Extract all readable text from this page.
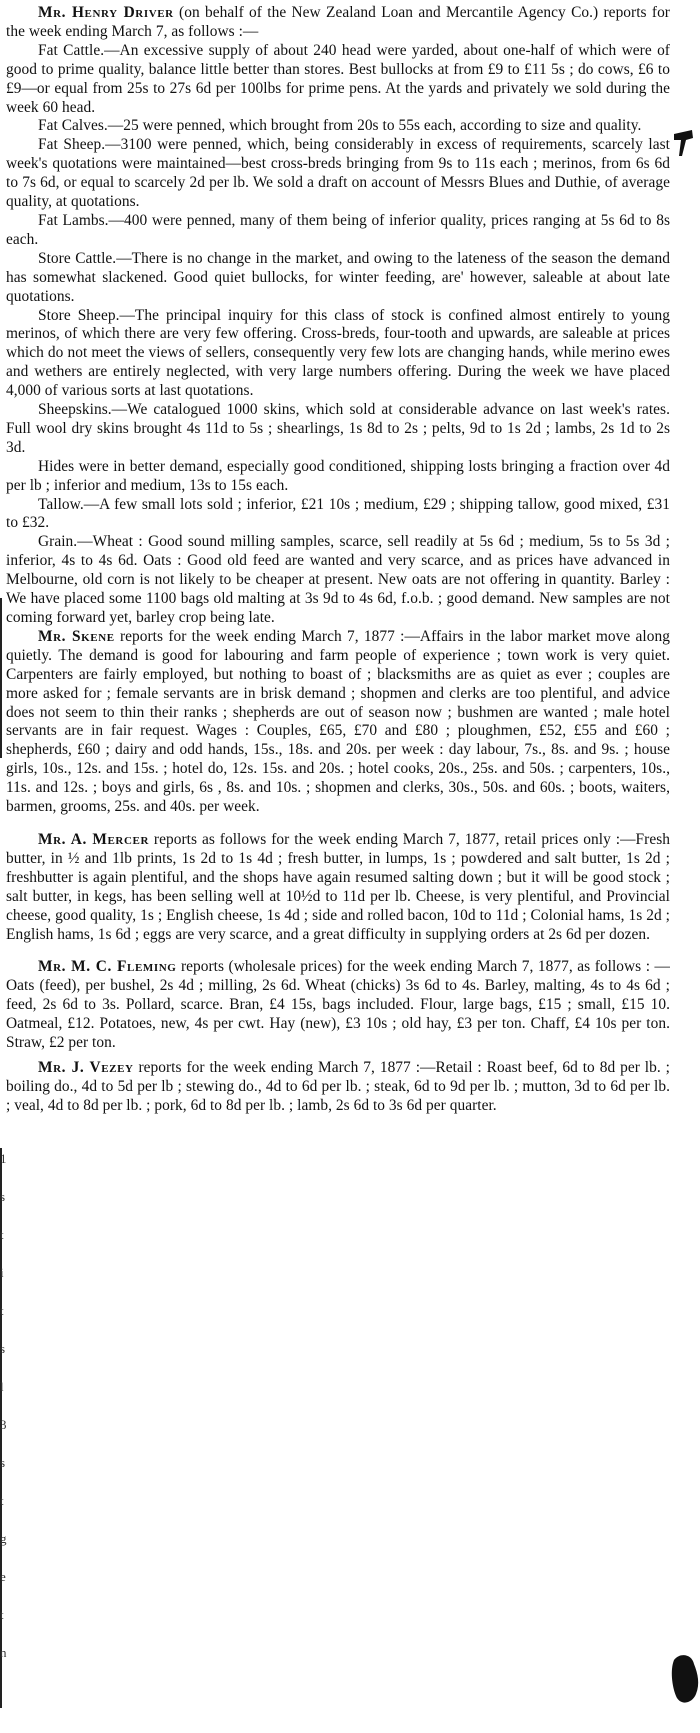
Mr. Henry Driver (on behalf of the New Zealand Loan and Mercantile Agency Co.) reports for the week ending March 7, as follows :—

Fat Cattle.—An excessive supply of about 240 head were yarded, about one-half of which were of good to prime quality, balance little better than stores. Best bullocks at from £9 to £11 5s ; do cows, £6 to £9—or equal from 25s to 27s 6d per 100lbs for prime pens. At the yards and privately we sold during the week 60 head.

Fat Calves.—25 were penned, which brought from 20s to 55s each, according to size and quality.

Fat Sheep.—3100 were penned, which, being considerably in excess of requirements, scarcely last week's quotations were maintained—best cross-breds bringing from 9s to 11s each ; merinos, from 6s 6d to 7s 6d, or equal to scarcely 2d per lb. We sold a draft on account of Messrs Blues and Duthie, of average quality, at quotations.

Fat Lambs.—400 were penned, many of them being of inferior quality, prices ranging at 5s 6d to 8s each.

Store Cattle.—There is no change in the market, and owing to the lateness of the season the demand has somewhat slackened. Good quiet bullocks, for winter feeding, are' however, saleable at about late quotations.

Store Sheep.—The principal inquiry for this class of stock is confined almost entirely to young merinos, of which there are very few offering. Cross-breds, four-tooth and upwards, are saleable at prices which do not meet the views of sellers, consequently very few lots are changing hands, while merino ewes and wethers are entirely neglected, with very large numbers offering. During the week we have placed 4,000 of various sorts at last quotations.

Sheepskins.—We catalogued 1000 skins, which sold at considerable advance on last week's rates. Full wool dry skins brought 4s 11d to 5s ; shearlings, 1s 8d to 2s ; pelts, 9d to 1s 2d ; lambs, 2s 1d to 2s 3d.

Hides were in better demand, especially good conditioned, shipping losts bringing a fraction over 4d per lb ; inferior and medium, 13s to 15s each.

Tallow.—A few small lots sold ; inferior, £21 10s ; medium, £29 ; shipping tallow, good mixed, £31 to £32.

Grain.—Wheat : Good sound milling samples, scarce, sell readily at 5s 6d ; medium, 5s to 5s 3d ; inferior, 4s to 4s 6d. Oats : Good old feed are wanted and very scarce, and as prices have advanced in Melbourne, old corn is not likely to be cheaper at present. New oats are not offering in quantity. Barley : We have placed some 1100 bags old malting at 3s 9d to 4s 6d, f.o.b. ; good demand. New samples are not coming forward yet, barley crop being late.

Mr. Skene reports for the week ending March 7, 1877 :—Affairs in the labor market move along quietly. The demand is good for labouring and farm people of experience ; town work is very quiet. Carpenters are fairly employed, but nothing to boast of ; blacksmiths are as quiet as ever ; couples are more asked for ; female servants are in brisk demand ; shopmen and clerks are too plentiful, and advice does not seem to thin their ranks ; shepherds are out of season now ; bushmen are wanted ; male hotel servants are in fair request. Wages : Couples, £65, £70 and £80 ; ploughmen, £52, £55 and £60 ; shepherds, £60 ; dairy and odd hands, 15s., 18s. and 20s. per week : day labour, 7s., 8s. and 9s. ; house girls, 10s., 12s. and 15s. ; hotel do, 12s. 15s. and 20s. ; hotel cooks, 20s., 25s. and 50s. ; carpenters, 10s., 11s. and 12s. ; boys and girls, 6s , 8s. and 10s. ; shopmen and clerks, 30s., 50s. and 60s. ; boots, waiters, barmen, grooms, 25s. and 40s. per week.

Mr. A. Mercer reports as follows for the week ending March 7, 1877, retail prices only :—Fresh butter, in ½ and 1lb prints, 1s 2d to 1s 4d ; fresh butter, in lumps, 1s ; powdered and salt butter, 1s 2d ; freshbutter is again plentiful, and the shops have again resumed salting down ; but it will be good stock ; salt butter, in kegs, has been selling well at 10½d to 11d per lb. Cheese, is very plentiful, and Provincial cheese, good quality, 1s ; English cheese, 1s 4d ; side and rolled bacon, 10d to 11d ; Colonial hams, 1s 2d ; English hams, 1s 6d ; eggs are very scarce, and a great difficulty in supplying orders at 2s 6d per dozen.

Mr. M. C. Fleming reports (wholesale prices) for the week ending March 7, 1877, as follows : — Oats (feed), per bushel, 2s 4d ; milling, 2s 6d. Wheat (chicks) 3s 6d to 4s. Barley, malting, 4s to 4s 6d ; feed, 2s 6d to 3s. Pollard, scarce. Bran, £4 15s, bags included. Flour, large bags, £15 ; small, £15 10. Oatmeal, £12. Potatoes, new, 4s per cwt. Hay (new), £3 10s ; old hay, £3 per ton. Chaff, £4 10s per ton. Straw, £2 per ton.

Mr. J. Vezey reports for the week ending March 7, 1877 :—Retail : Roast beef, 6d to 8d per lb. ; boiling do., 4d to 5d per lb ; stewing do., 4d to 6d per lb. ; steak, 6d to 9d per lb. ; mutton, 3d to 6d per lb. ; veal, 4d to 8d per lb. ; pork, 6d to 8d per lb. ; lamb, 2s 6d to 3s 6d per quarter.

1
s
t
i
t
s
l
3
s
t
g
e
t
n
